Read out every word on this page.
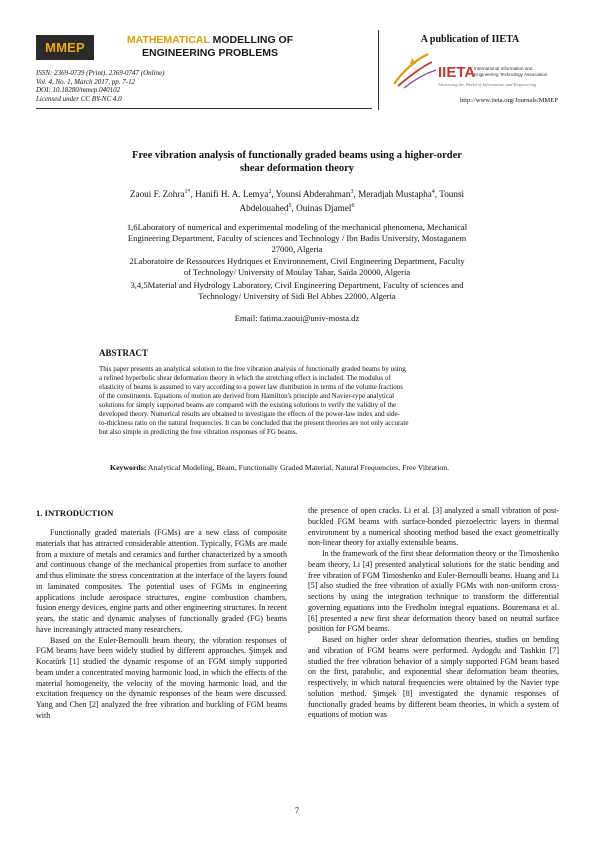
MMEP	MATHEMATICAL MODELLING OF
ENGINEERING PROBLEMS
ISSN: 2369-0739 (Print), 2369-0747 (Online)
Vol. 4, No. 1, March 2017, pp. 7-12
DOI: 10.18280/mmep.040102
Licensed under CC BY-NC 4.0
A publication of IIETA
IIETA
International Information and
Engineering Technology Association
Advancing the World of Information and Engineering
http://www.iieta.org/Journals/MMEP
Free vibration analysis of functionally graded beams using a higher-order
shear deformation theory
Zaoui F. Zohra$^{1*}$, Hanifi H. A. Lemya$^2$, Younsi Abderahman$^3$, Meradjah Mustapha$^4$, Tounsi
Abdelouahed$^5$, Ouinas Djamel$^6$
1,6Laboratory of numerical and experimental modeling of the mechanical phenomena, Mechanical
Engineering Department, Faculty of sciences and Technology / Ibn Badis University, Mostaganem
27000, Algeria
2Laboratoire de Ressources Hydriques et Environnement, Civil Engineering Department, Faculty
of Technology/ University of Moulay Tahar, Saïda 20000, Algeria
3,4,5Material and Hydrology Laboratory, Civil Engineering Department, Faculty of sciences and
Technology/ University of Sidi Bel Abbes 22000, Algeria
Email: fatima.zaoui@univ-mosta.dz
ABSTRACT
This paper presents an analytical solution to the free vibration analysis of functionally graded beams by using
a refined hyperbolic shear deformation theory in which the stretching effect is included. The modulus of
elasticity of beams is assumed to vary according to a power law distribution in terms of the volume fractions
of the constituents. Equations of motion are derived from Hamilton's principle and Navier-type analytical
solutions for simply supported beams are compared with the existing solutions to verify the validity of the
developed theory. Numerical results are obtained to investigate the effects of the power-law index and side-
to-thickness ratio on the natural frequencies. It can be concluded that the present theories are not only accurate
but also simple in predicting the free vibration responses of FG beams.
Keywords: Analytical Modeling, Beam, Functionally Graded Material, Natural Frequencies, Free Vibration.
1. INTRODUCTION

Functionally graded materials (FGMs) are a new class of composite materials that has attracted considerable attention. Typically, FGMs are made from a mixture of metals and ceramics and further characterized by a smooth and continuous change of the mechanical properties from surface to another and thus eliminate the stress concentration at the interface of the layers found in laminated composites. The potential uses of FGMs in engineering applications include aerospace structures, engine combustion chambers, fusion energy devices, engine parts and other engineering structures. In recent years, the static and dynamic analyses of functionally graded (FG) beams have increasingly attracted many researchers.

Based on the Euler-Bernoulli beam theory, the vibration responses of FGM beams have been widely studied by different approaches. Şimşek and Kocatürk [1] studied the dynamic response of an FGM simply supported beam under a concentrated moving harmonic load, in which the effects of the material homogeneity, the velocity of the moving harmonic load, and the excitation frequency on the dynamic responses of the beam were discussed. Yang and Chen [2] analyzed the free vibration and buckling of FGM beams with

the presence of open cracks. Li et al. [3] analyzed a small vibration of post-buckled FGM beams with surface-bonded piezoelectric layers in thermal environment by a numerical shooting method based the exact geometrically non-linear theory for axially extensible beams.

In the framework of the first shear deformation theory or the Timoshenko beam theory, Li [4] presented analytical solutions for the static bending and free vibration of FGM Timoshenko and Euler-Bernoulli beams. Huang and Li [5] also studied the free vibration of axially FGMs with non-uniform cross-sections by using the integration technique to transform the differential governing equations into the Fredholm integral equations. Bouremana et al. [6] presented a new first shear deformation theory based on neutral surface position for FGM beams.

Based on higher order shear deformation theories, studies on bending and vibration of FGM beams were performed. Aydogdu and Tashkin [7] studied the free vibration behavior of a simply supported FGM beam based on the first, parabolic, and exponential shear deformation beam theories, respectively, in which natural frequencies were obtained by the Navier type solution method. Şimşek [8] investigated the dynamic responses of functionally graded beams by different beam theories, in which a system of equations of motion was

7
